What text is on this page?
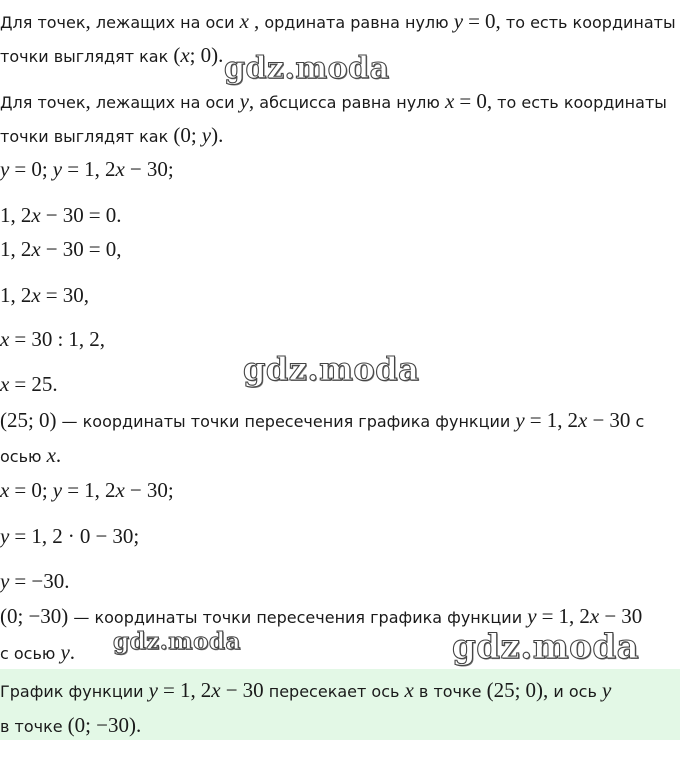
Для точек, лежащих на оси x , ордината равна нулю y = 0, то есть координаты
точки выглядят как (x; 0).
Для точек, лежащих на оси y, абсцисса равна нулю x = 0, то есть координаты
точки выглядят как (0; y).
y = 0; y = 1, 2x − 30;
1, 2x − 30 = 0.
1, 2x − 30 = 0,
1, 2x = 30,
x = 30 : 1, 2,
x = 25.
(25; 0) — координаты точки пересечения графика функции y = 1, 2x − 30 с
осью x.
x = 0; y = 1, 2x − 30;
y = 1, 2 · 0 − 30;
y = −30.
(0; −30) — координаты точки пересечения графика функции y = 1, 2x − 30
с осью y.
График функции y = 1, 2x − 30 пересекает ось x в точке (25; 0), и ось y
в точке (0; −30).
gdz.moda
gdz.moda
gdz.moda	gdz.moda
